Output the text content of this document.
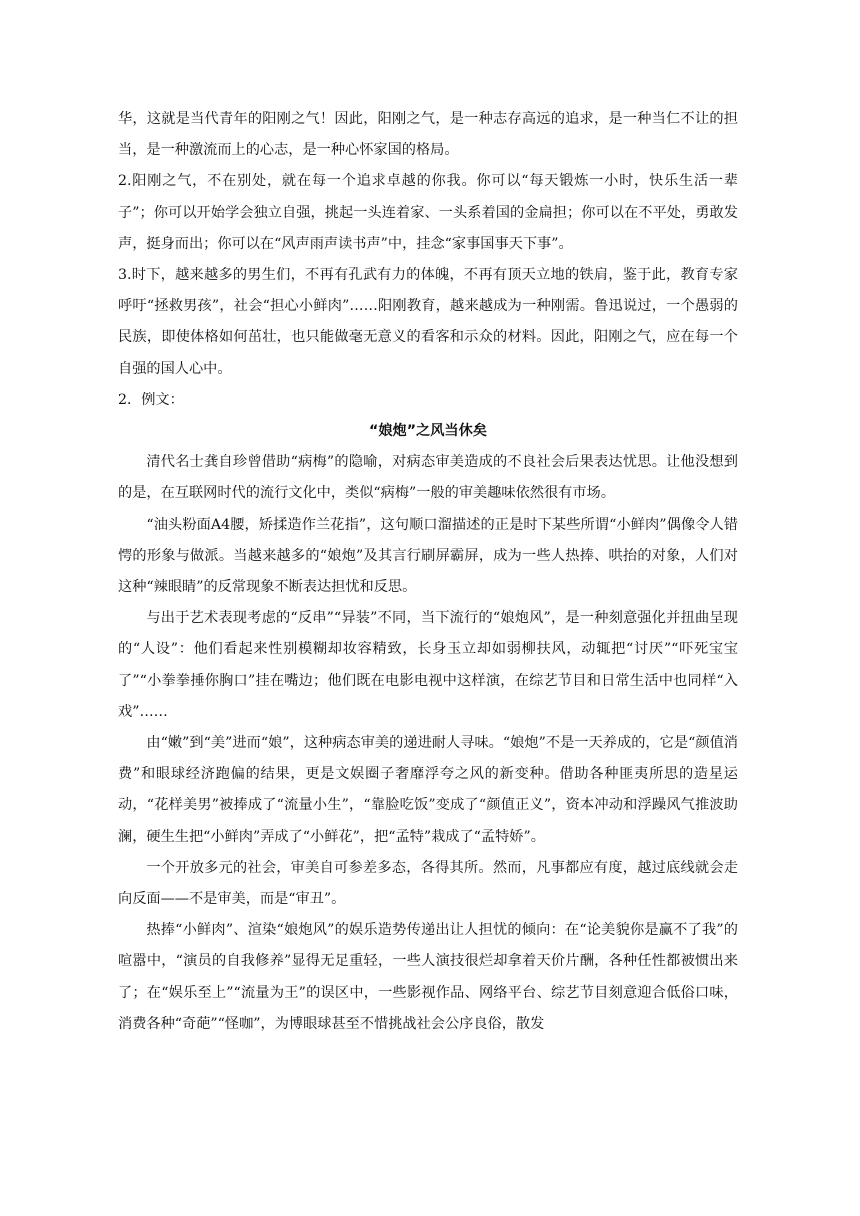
华，这就是当代青年的阳刚之气！因此，阳刚之气，是一种志存高远的追求，是一种当仁不让的担当，是一种激流而上的心志，是一种心怀家国的格局。

2.阳刚之气，不在别处，就在每一个追求卓越的你我。你可以“每天锻炼一小时，快乐生活一辈子”；你可以开始学会独立自强，挑起一头连着家、一头系着国的金扁担；你可以在不平处，勇敢发声，挺身而出；你可以在“风声雨声读书声”中，挂念“家事国事天下事”。

3.时下，越来越多的男生们，不再有孔武有力的体魄，不再有顶天立地的铁肩，鉴于此，教育专家呼吁“拯救男孩”，社会“担心小鲜肉”……阳刚教育，越来越成为一种刚需。鲁迅说过，一个愚弱的民族，即使体格如何茁壮，也只能做毫无意义的看客和示众的材料。因此，阳刚之气，应在每一个自强的国人心中。

2．例文：

“娘炮”之风当休矣

清代名士龚自珍曾借助“病梅”的隐喻，对病态审美造成的不良社会后果表达忧思。让他没想到的是，在互联网时代的流行文化中，类似“病梅”一般的审美趣味依然很有市场。

“油头粉面A4腰，矫揉造作兰花指”，这句顺口溜描述的正是时下某些所谓“小鲜肉”偶像令人错愕的形象与做派。当越来越多的“娘炮”及其言行刷屏霸屏，成为一些人热捧、哄抬的对象，人们对这种“辣眼睛”的反常现象不断表达担忧和反思。

与出于艺术表现考虑的“反串”“异装”不同，当下流行的“娘炮风”，是一种刻意强化并扭曲呈现的“人设”：他们看起来性别模糊却妆容精致，长身玉立却如弱柳扶风，动辄把“讨厌”“吓死宝宝了”“小拳拳捶你胸口”挂在嘴边；他们既在电影电视中这样演，在综艺节目和日常生活中也同样“入戏”……

由“嫩”到“美”进而“娘”，这种病态审美的递进耐人寻味。“娘炮”不是一天养成的，它是“颜值消费”和眼球经济跑偏的结果，更是文娱圈子奢靡浮夸之风的新变种。借助各种匪夷所思的造星运动，“花样美男”被捧成了“流量小生”，“靠脸吃饭”变成了“颜值正义”，资本冲动和浮躁风气推波助澜，硬生生把“小鲜肉”弄成了“小鲜花”，把“孟特”栽成了“孟特娇”。

一个开放多元的社会，审美自可参差多态，各得其所。然而，凡事都应有度，越过底线就会走向反面——不是审美，而是“审丑”。

热捧“小鲜肉”、渲染“娘炮风”的娱乐造势传递出让人担忧的倾向：在“论美貌你是赢不了我”的喧嚣中，“演员的自我修养”显得无足重轻，一些人演技很烂却拿着天价片酬，各种任性都被惯出来了；在“娱乐至上”“流量为王”的误区中，一些影视作品、网络平台、综艺节目刻意迎合低俗口味，消费各种“奇葩”“怪咖”，为博眼球甚至不惜挑战社会公序良俗，散发
